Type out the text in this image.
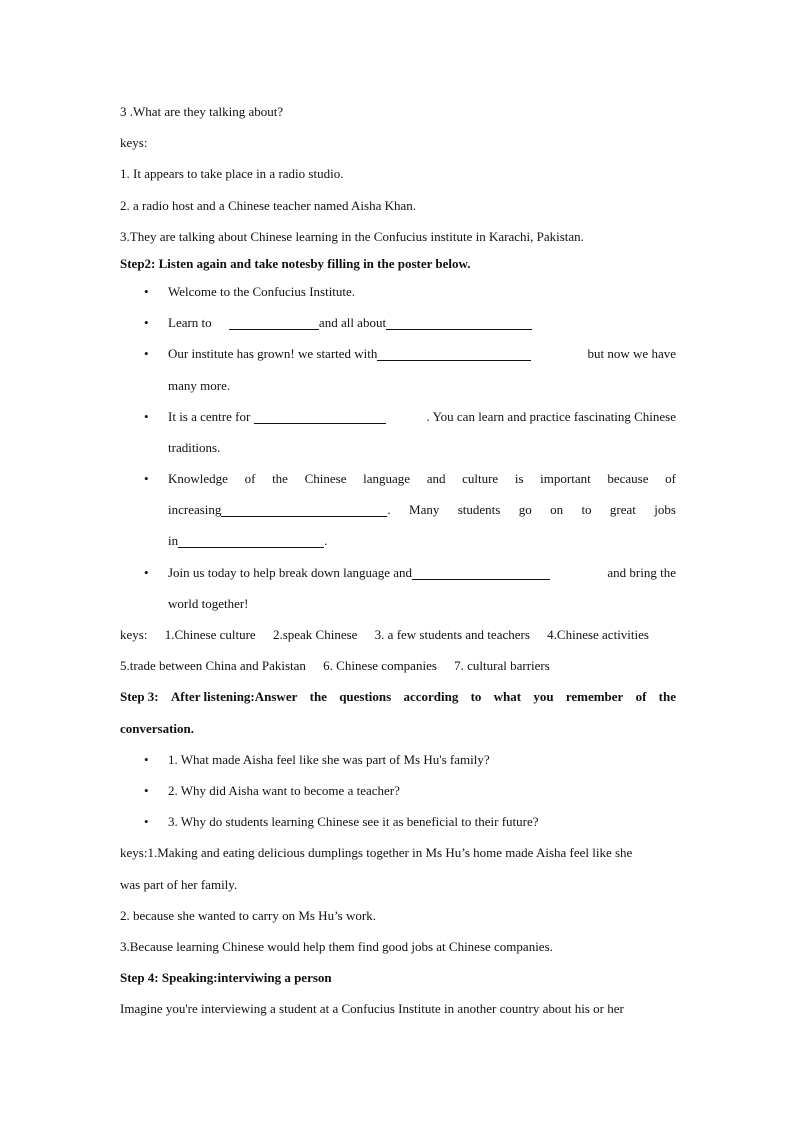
3 .What are they talking about?
keys:
1. It appears to take place in a radio studio.
2. a radio host and a Chinese teacher named Aisha Khan.
3.They are talking about Chinese learning in the Confucius institute in Karachi, Pakistan.
Step2: Listen again and take notesby filling in the poster below.
• Welcome to the Confucius Institute.
• Learn to	and all about
• Our institute has grown! we started with	but now we have
many more.
• It is a centre for	. You can learn and practice fascinating Chinese
traditions.
• Knowledge of the Chinese language and culture is important because of
increasing	. Many students go on to great jobs
in	.
• Join us today to help break down language and	and bring the
world together!
keys: 1.Chinese culture 2.speak Chinese 3. a few students and teachers 4.Chinese activities
5.trade between China and Pakistan 6. Chinese companies 7. cultural barriers
Step 3: After listening:Answer the questions according to what you remember of the
conversation.
• 1. What made Aisha feel like she was part of Ms Hu's family?
• 2. Why did Aisha want to become a teacher?
• 3. Why do students learning Chinese see it as beneficial to their future?
keys:1.Making and eating delicious dumplings together in Ms Hu’s home made Aisha feel like she
was part of her family.
2. because she wanted to carry on Ms Hu’s work.
3.Because learning Chinese would help them find good jobs at Chinese companies.
Step 4: Speaking:interviwing a person
Imagine you're interviewing a student at a Confucius Institute in another country about his or her
